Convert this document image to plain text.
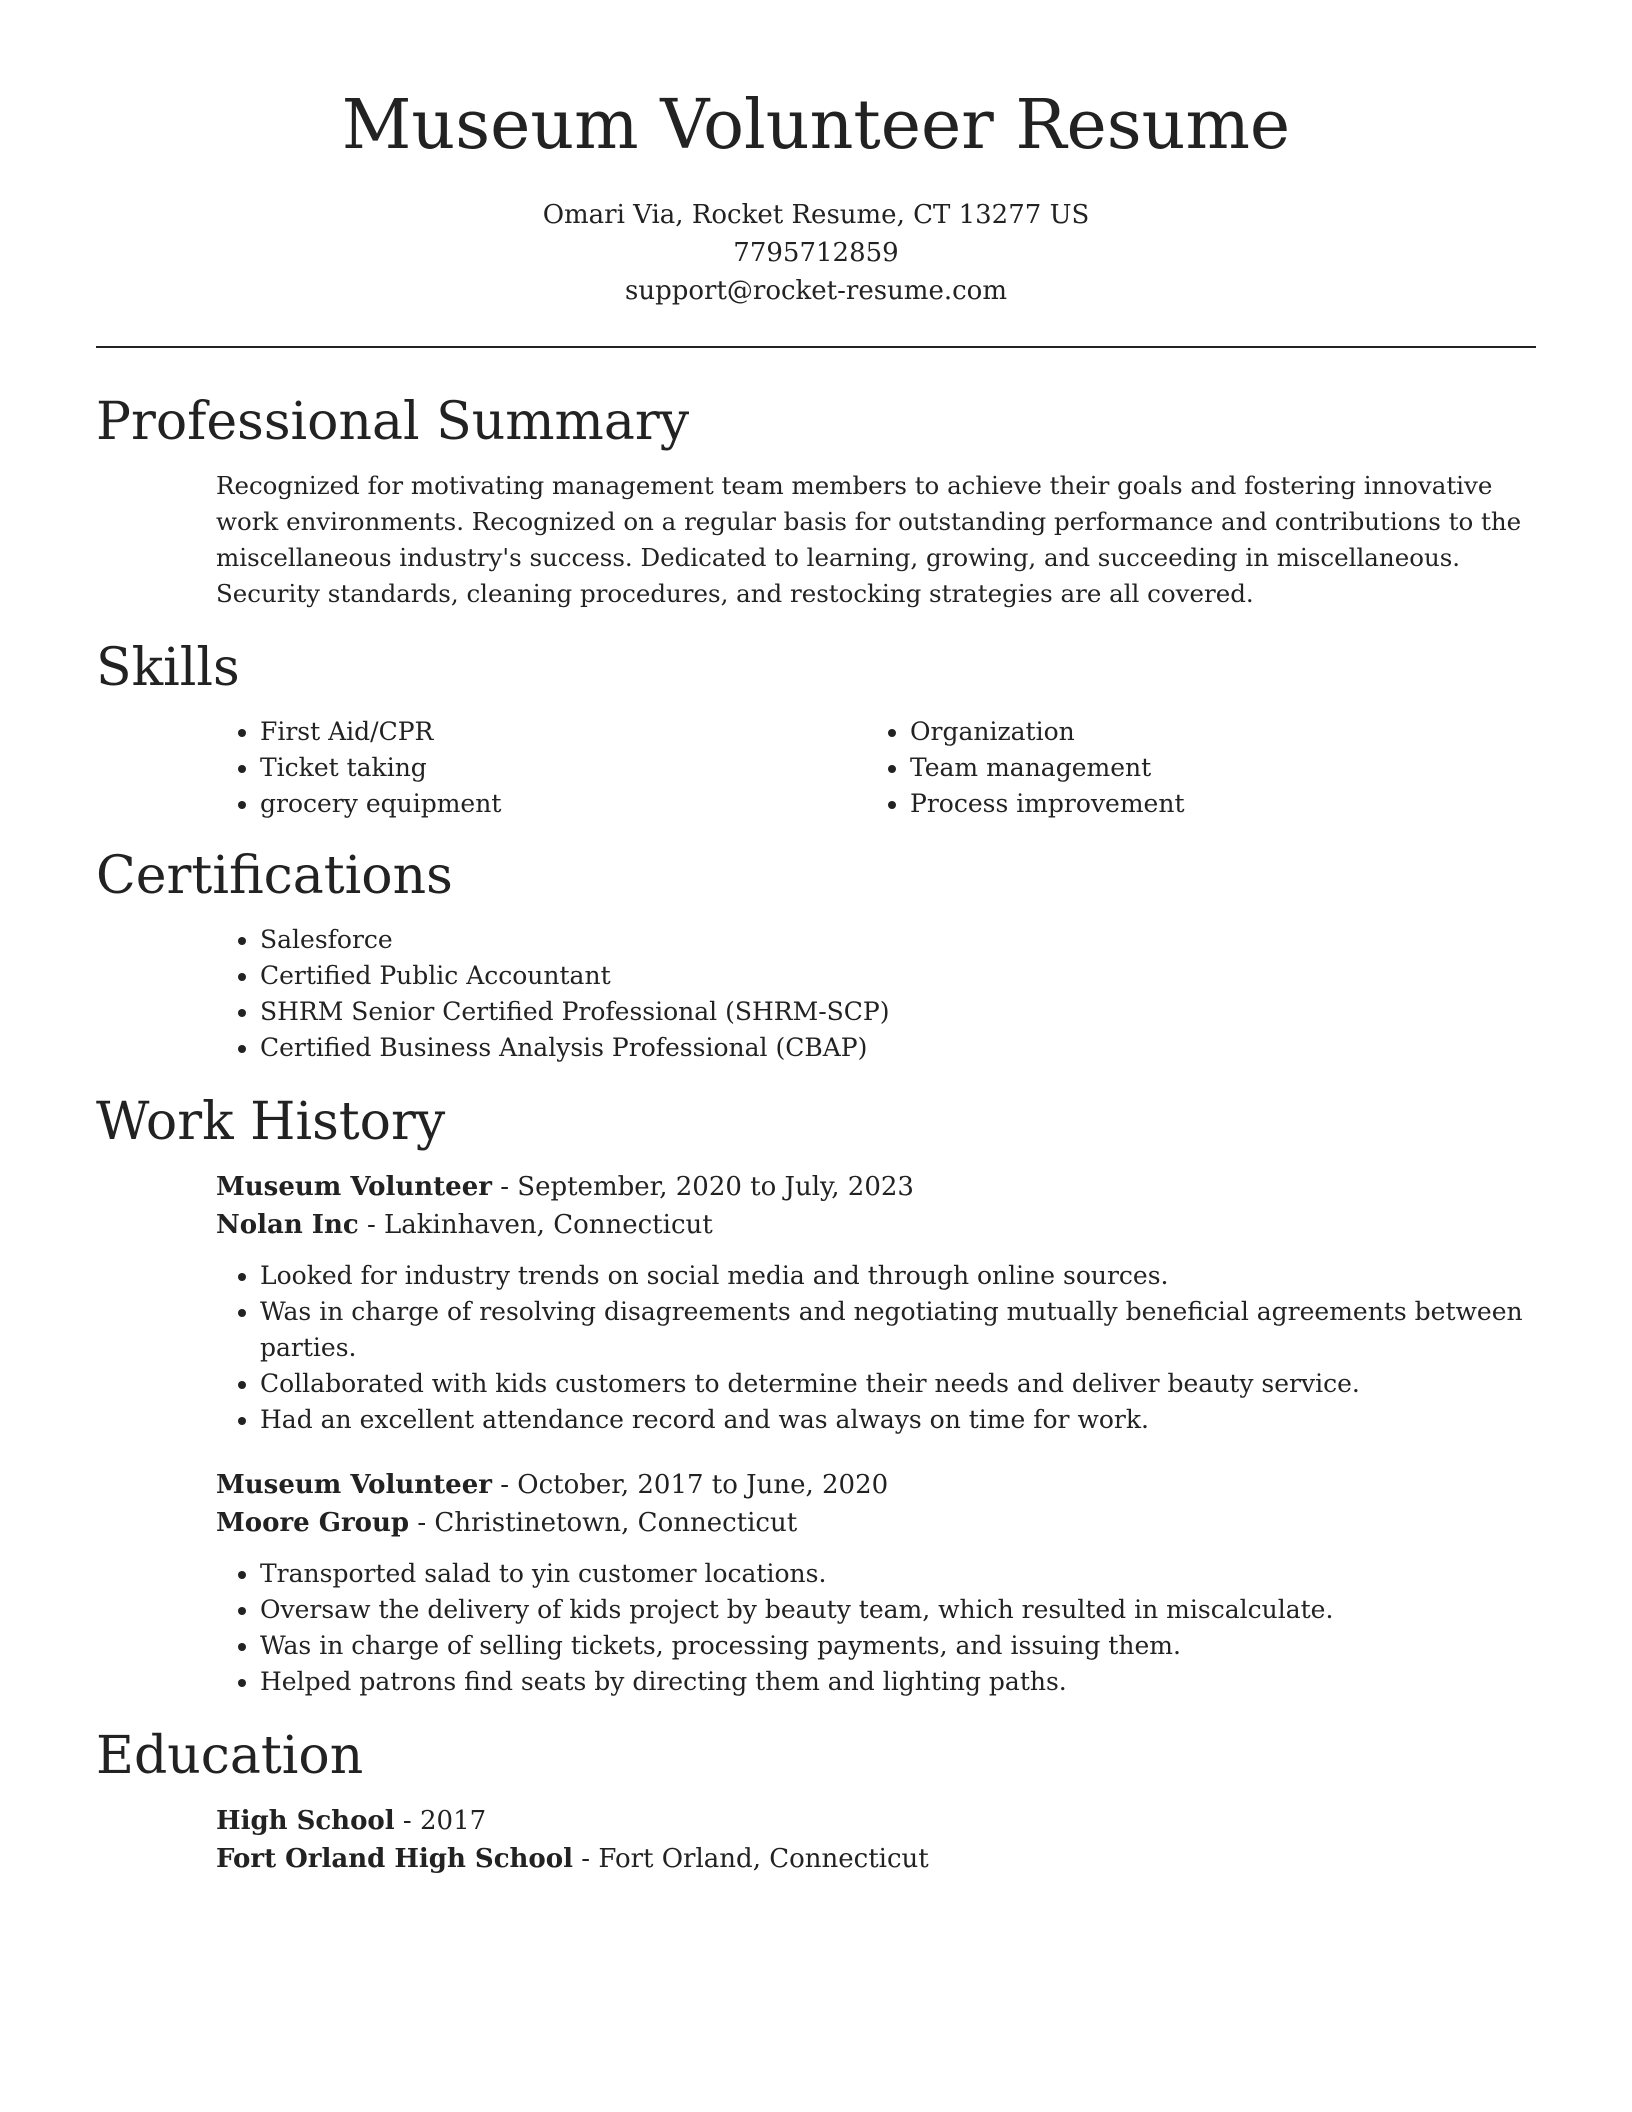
Museum Volunteer Resume
Omari Via, Rocket Resume, CT 13277 US
7795712859
support@rocket-resume.com
Professional Summary
Recognized for motivating management team members to achieve their goals and fostering innovative work environments. Recognized on a regular basis for outstanding performance and contributions to the miscellaneous industry's success. Dedicated to learning, growing, and succeeding in miscellaneous. Security standards, cleaning procedures, and restocking strategies are all covered.
Skills
• First Aid/CPR
• Ticket taking
• grocery equipment
• Organization
• Team management
• Process improvement
Certifications
• Salesforce
• Certified Public Accountant
• SHRM Senior Certified Professional (SHRM-SCP)
• Certified Business Analysis Professional (CBAP)
Work History
Museum Volunteer - September, 2020 to July, 2023
Nolan Inc - Lakinhaven, Connecticut
• Looked for industry trends on social media and through online sources.
• Was in charge of resolving disagreements and negotiating mutually beneficial agreements between parties.
• Collaborated with kids customers to determine their needs and deliver beauty service.
• Had an excellent attendance record and was always on time for work.
Museum Volunteer - October, 2017 to June, 2020
Moore Group - Christinetown, Connecticut
• Transported salad to yin customer locations.
• Oversaw the delivery of kids project by beauty team, which resulted in miscalculate.
• Was in charge of selling tickets, processing payments, and issuing them.
• Helped patrons find seats by directing them and lighting paths.
Education
High School - 2017
Fort Orland High School - Fort Orland, Connecticut
